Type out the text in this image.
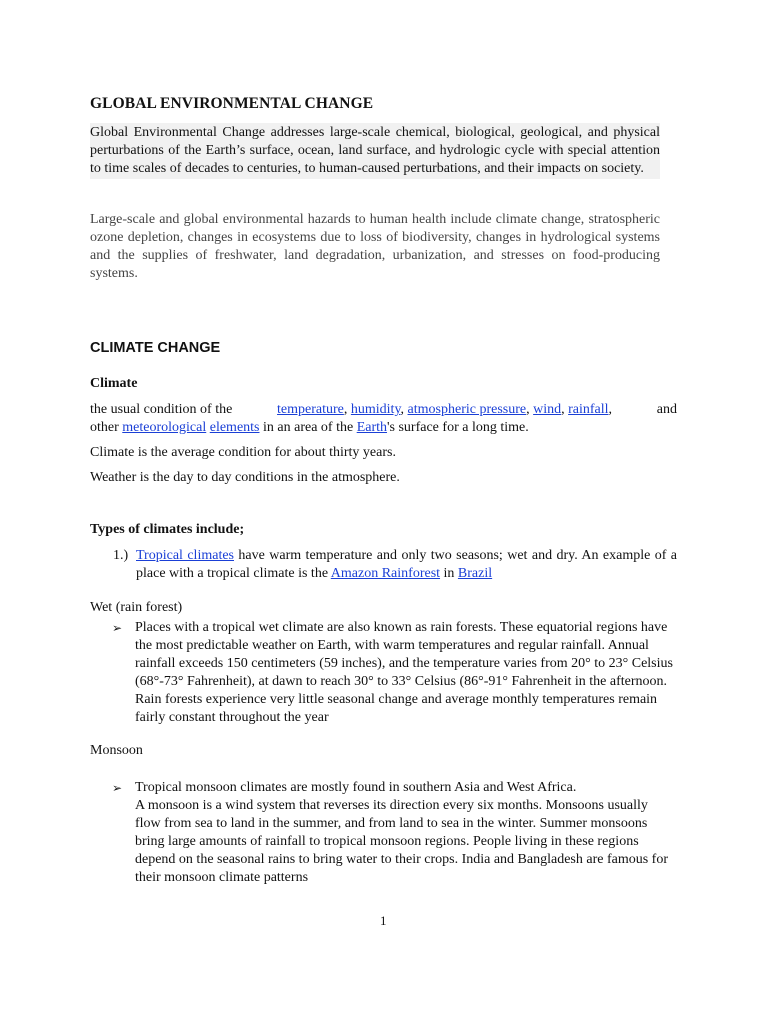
GLOBAL ENVIRONMENTAL CHANGE
Global Environmental Change addresses large-scale chemical, biological, geological, and physical perturbations of the Earth’s surface, ocean, land surface, and hydrologic cycle with special attention to time scales of decades to centuries, to human-caused perturbations, and their impacts on society.
Large-scale and global environmental hazards to human health include climate change, stratospheric ozone depletion, changes in ecosystems due to loss of biodiversity, changes in hydrological systems and the supplies of freshwater, land degradation, urbanization, and stresses on food-producing systems.
CLIMATE CHANGE
Climate
the usual condition of the	temperature, humidity, atmospheric pressure, wind, rainfall,	and
other meteorological elements in an area of the Earth's surface for a long time.
Climate is the average condition for about thirty years.
Weather is the day to day conditions in the atmosphere.
Types of climates include;
1.) Tropical climates have warm temperature and only two seasons; wet and dry. An example of a place with a tropical climate is the Amazon Rainforest in Brazil
Wet (rain forest)
➢ Places with a tropical wet climate are also known as rain forests. These equatorial regions have the most predictable weather on Earth, with warm temperatures and regular rainfall. Annual rainfall exceeds 150 centimeters (59 inches), and the temperature varies from 20° to 23° Celsius (68°-73° Fahrenheit), at dawn to reach 30° to 33° Celsius (86°-91° Fahrenheit in the afternoon. Rain forests experience very little seasonal change and average monthly temperatures remain fairly constant throughout the year
Monsoon
➢ Tropical monsoon climates are mostly found in southern Asia and West Africa.
A monsoon is a wind system that reverses its direction every six months. Monsoons usually flow from sea to land in the summer, and from land to sea in the winter. Summer monsoons bring large amounts of rainfall to tropical monsoon regions. People living in these regions depend on the seasonal rains to bring water to their crops. India and Bangladesh are famous for their monsoon climate patterns
1
